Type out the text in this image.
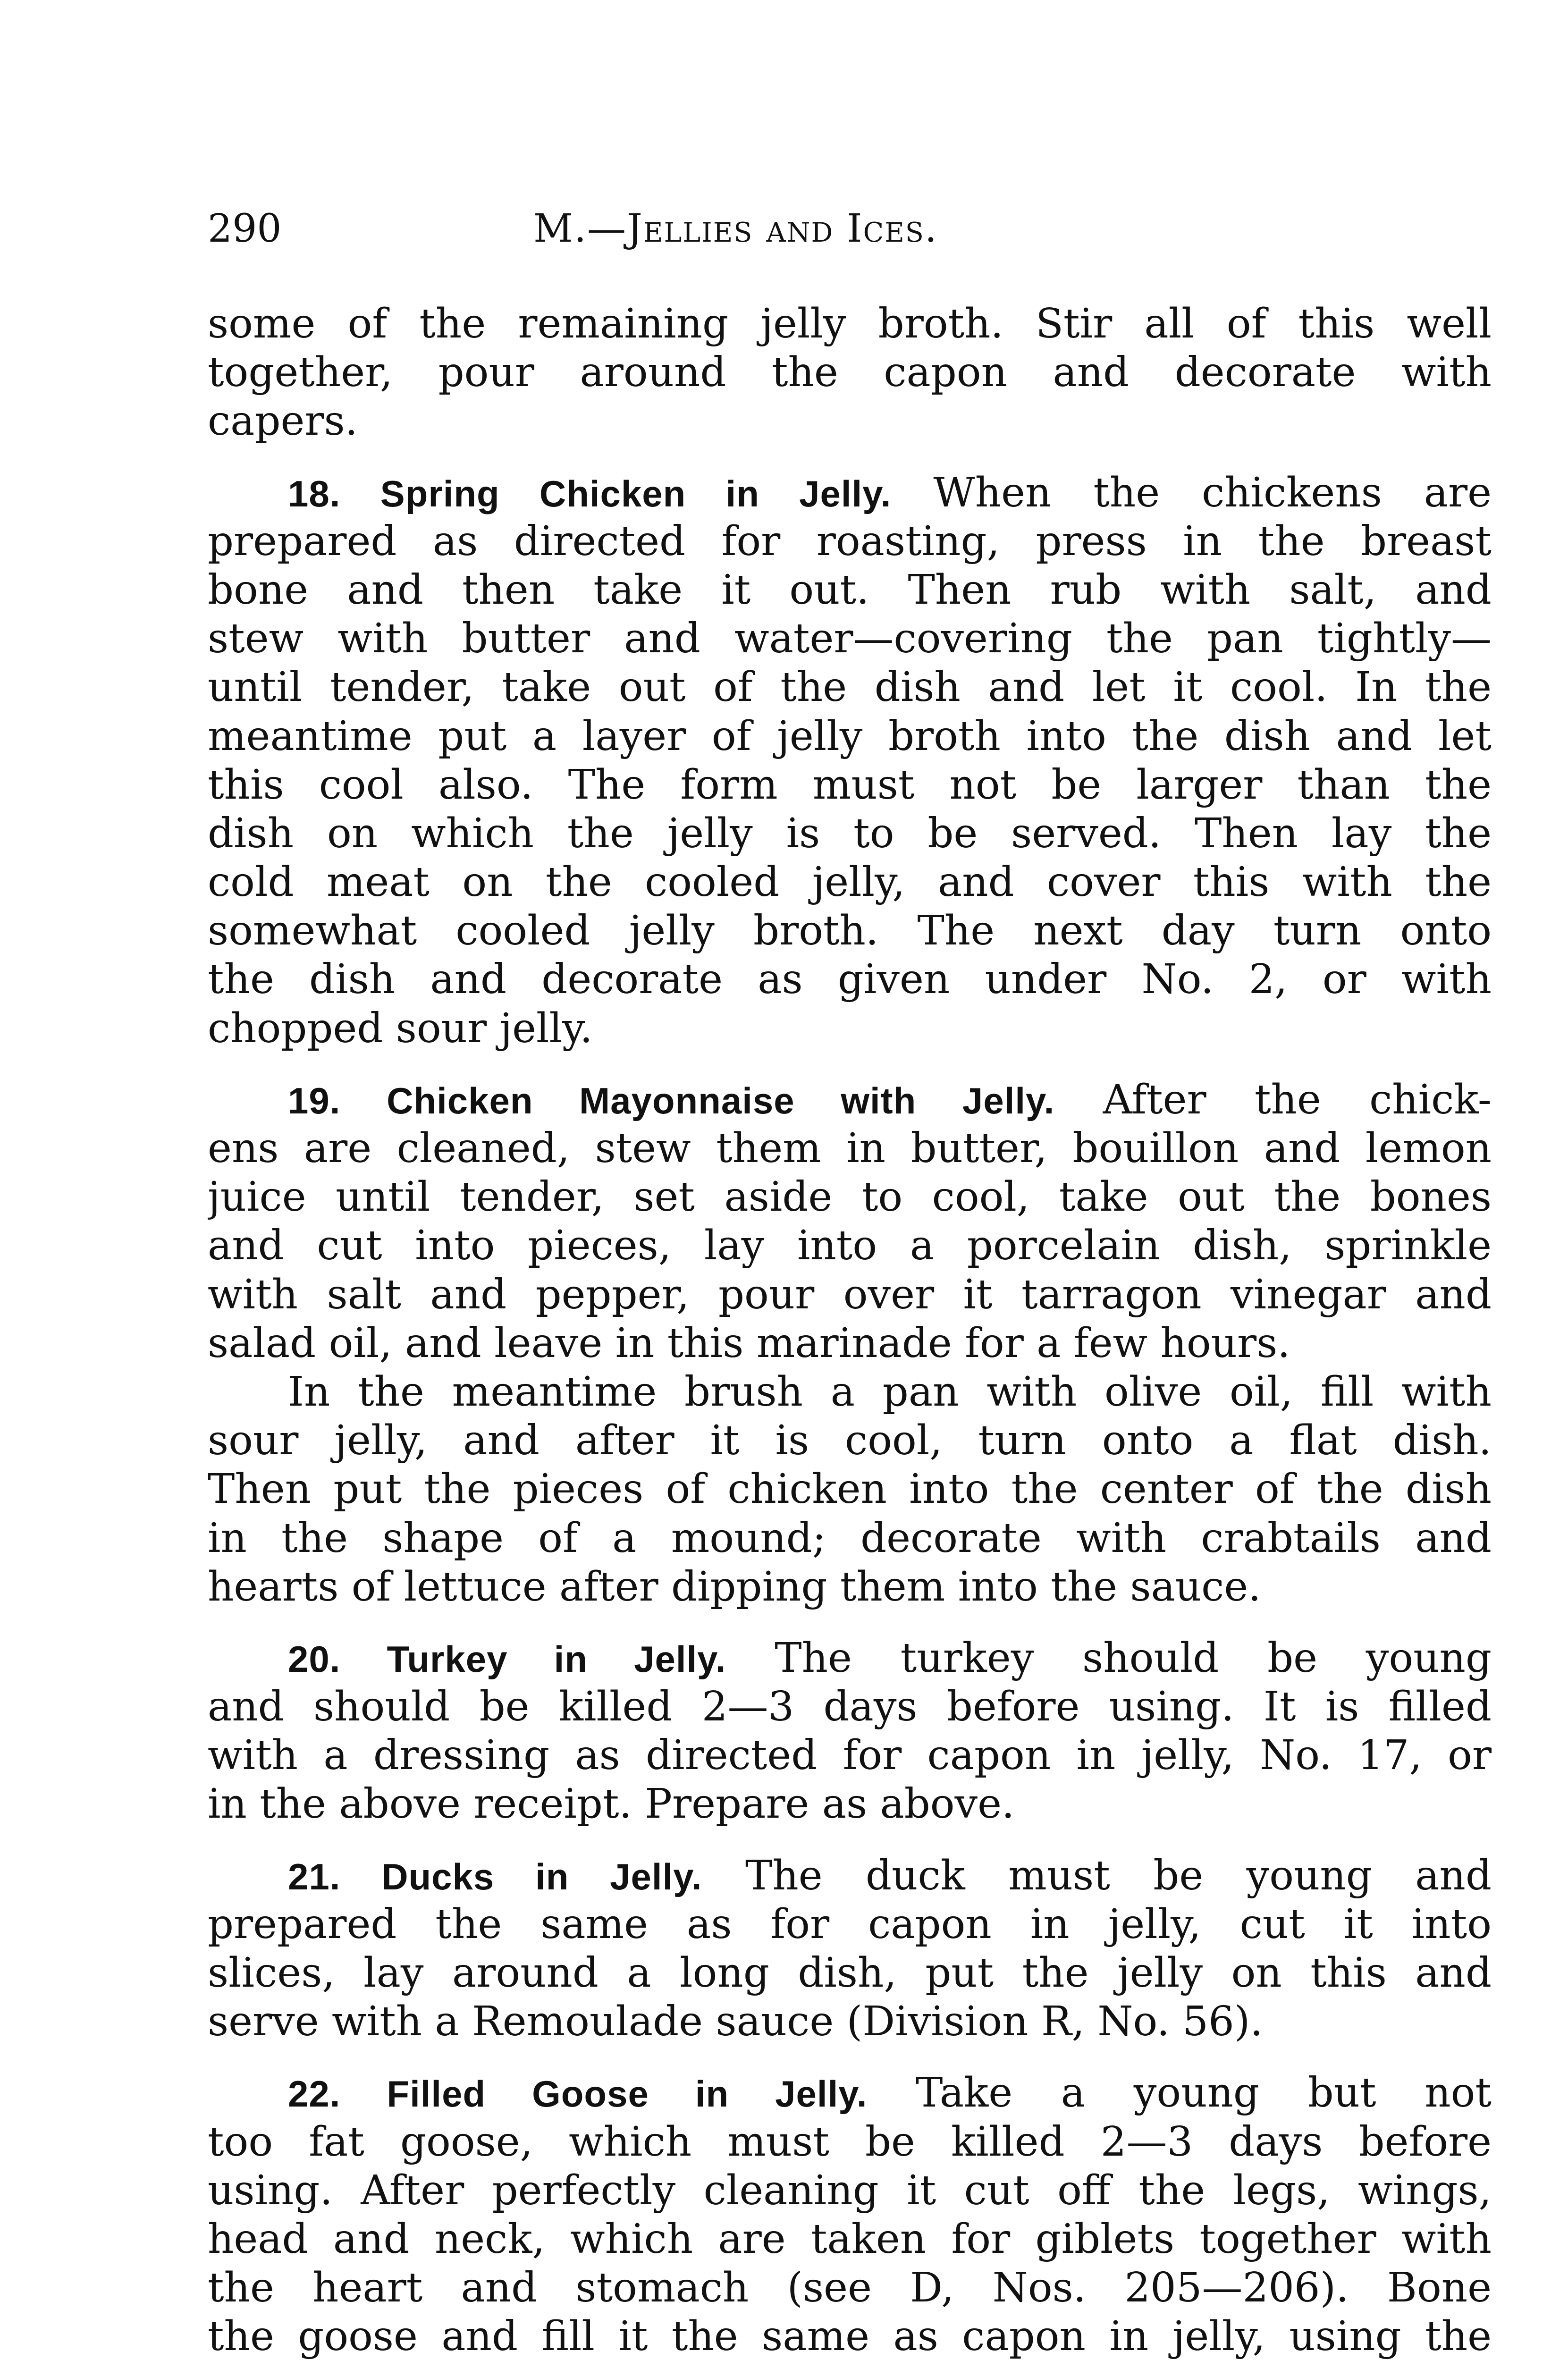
290	M.—Jellies and Ices.
some of the remaining jelly broth. Stir all of this well
together, pour around the capon and decorate with
capers.
18. Spring Chicken in Jelly. When the chickens are
prepared as directed for roasting, press in the breast
bone and then take it out. Then rub with salt, and
stew with butter and water—covering the pan tightly—
until tender, take out of the dish and let it cool. In the
meantime put a layer of jelly broth into the dish and let
this cool also. The form must not be larger than the
dish on which the jelly is to be served. Then lay the
cold meat on the cooled jelly, and cover this with the
somewhat cooled jelly broth. The next day turn onto
the dish and decorate as given under No. 2, or with
chopped sour jelly.
19. Chicken Mayonnaise with Jelly. After the chick-
ens are cleaned, stew them in butter, bouillon and lemon
juice until tender, set aside to cool, take out the bones
and cut into pieces, lay into a porcelain dish, sprinkle
with salt and pepper, pour over it tarragon vinegar and
salad oil, and leave in this marinade for a few hours.
In the meantime brush a pan with olive oil, fill with
sour jelly, and after it is cool, turn onto a flat dish.
Then put the pieces of chicken into the center of the dish
in the shape of a mound; decorate with crabtails and
hearts of lettuce after dipping them into the sauce.
20. Turkey in Jelly. The turkey should be young
and should be killed 2—3 days before using. It is filled
with a dressing as directed for capon in jelly, No. 17, or
in the above receipt. Prepare as above.
21. Ducks in Jelly. The duck must be young and
prepared the same as for capon in jelly, cut it into
slices, lay around a long dish, put the jelly on this and
serve with a Remoulade sauce (Division R, No. 56).
22. Filled Goose in Jelly. Take a young but not
too fat goose, which must be killed 2—3 days before
using. After perfectly cleaning it cut off the legs, wings,
head and neck, which are taken for giblets together with
the heart and stomach (see D, Nos. 205—206). Bone
the goose and fill it the same as capon in jelly, using the
